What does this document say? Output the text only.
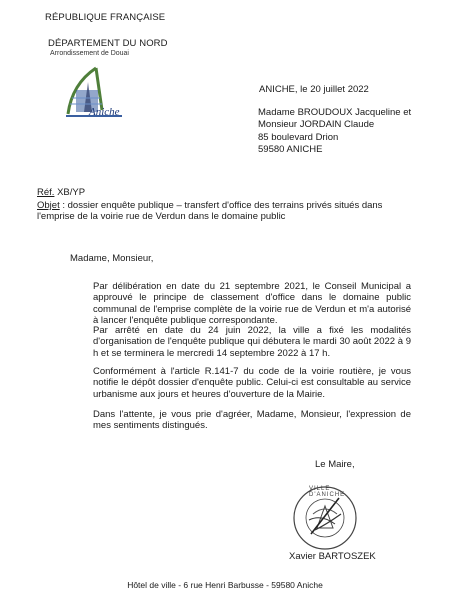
RÉPUBLIQUE FRANÇAISE
DÉPARTEMENT DU NORD
Arrondissement de Douai
Aniche
ANICHE, le 20 juillet 2022
Madame BROUDOUX Jacqueline et
Monsieur JORDAIN Claude
85 boulevard Drion
59580 ANICHE
Réf. XB/YP
Objet : dossier enquête publique – transfert d'office des terrains privés situés dans l'emprise de la voirie rue de Verdun dans le domaine public
Madame, Monsieur,
Par délibération en date du 21 septembre 2021, le Conseil Municipal a approuvé le principe de classement d'office dans le domaine public communal de l'emprise complète de la voirie rue de Verdun et m'a autorisé à lancer l'enquête publique correspondante.
Par arrêté en date du 24 juin 2022, la ville a fixé les modalités d'organisation de l'enquête publique qui débutera le mardi 30 août 2022 à 9 h et se terminera le mercredi 14 septembre 2022 à 17 h.
Conformément à l'article R.141-7 du code de la voirie routière, je vous notifie le dépôt dossier d'enquête public. Celui-ci est consultable au service urbanisme aux jours et heures d'ouverture de la Mairie.
Dans l'attente, je vous prie d'agréer, Madame, Monsieur, l'expression de mes sentiments distingués.
Le Maire,
VILLE D'ANICHE
Xavier BARTOSZEK
Hôtel de ville - 6 rue Henri Barbusse - 59580 Aniche
